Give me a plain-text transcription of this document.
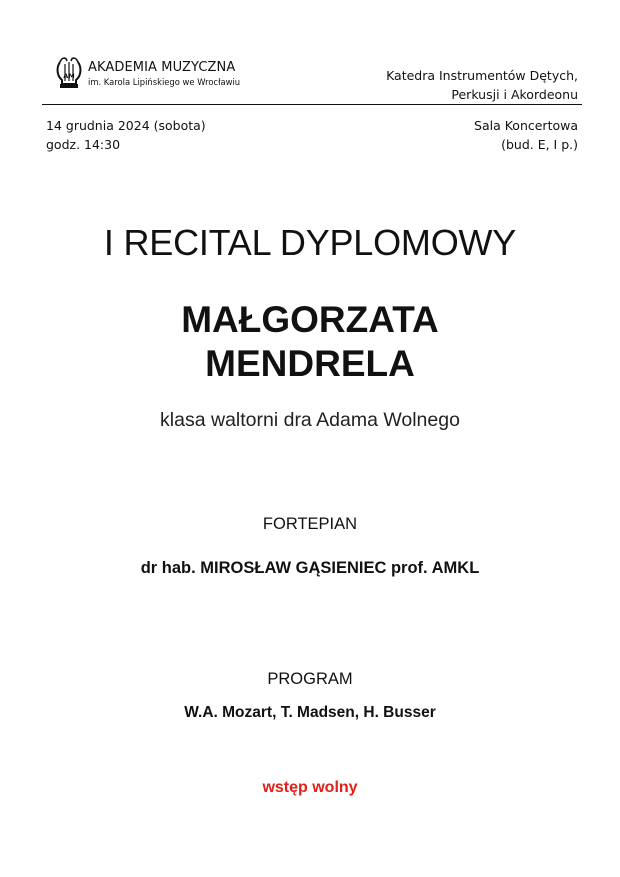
AM
AKADEMIA MUZYCZNA
im. Karola Lipińskiego we Wrocławiu	Katedra Instrumentów Dętych,
Perkusji i Akordeonu
14 grudnia 2024 (sobota)
godz. 14:30
Sala Koncertowa
(bud. E, I p.)
I RECITAL DYPLOMOWY
MAŁGORZATA
MENDRELA
klasa waltorni dra Adama Wolnego
FORTEPIAN
dr hab. MIROSŁAW GĄSIENIEC prof. AMKL
PROGRAM
W.A. Mozart, T. Madsen, H. Busser
wstęp wolny
